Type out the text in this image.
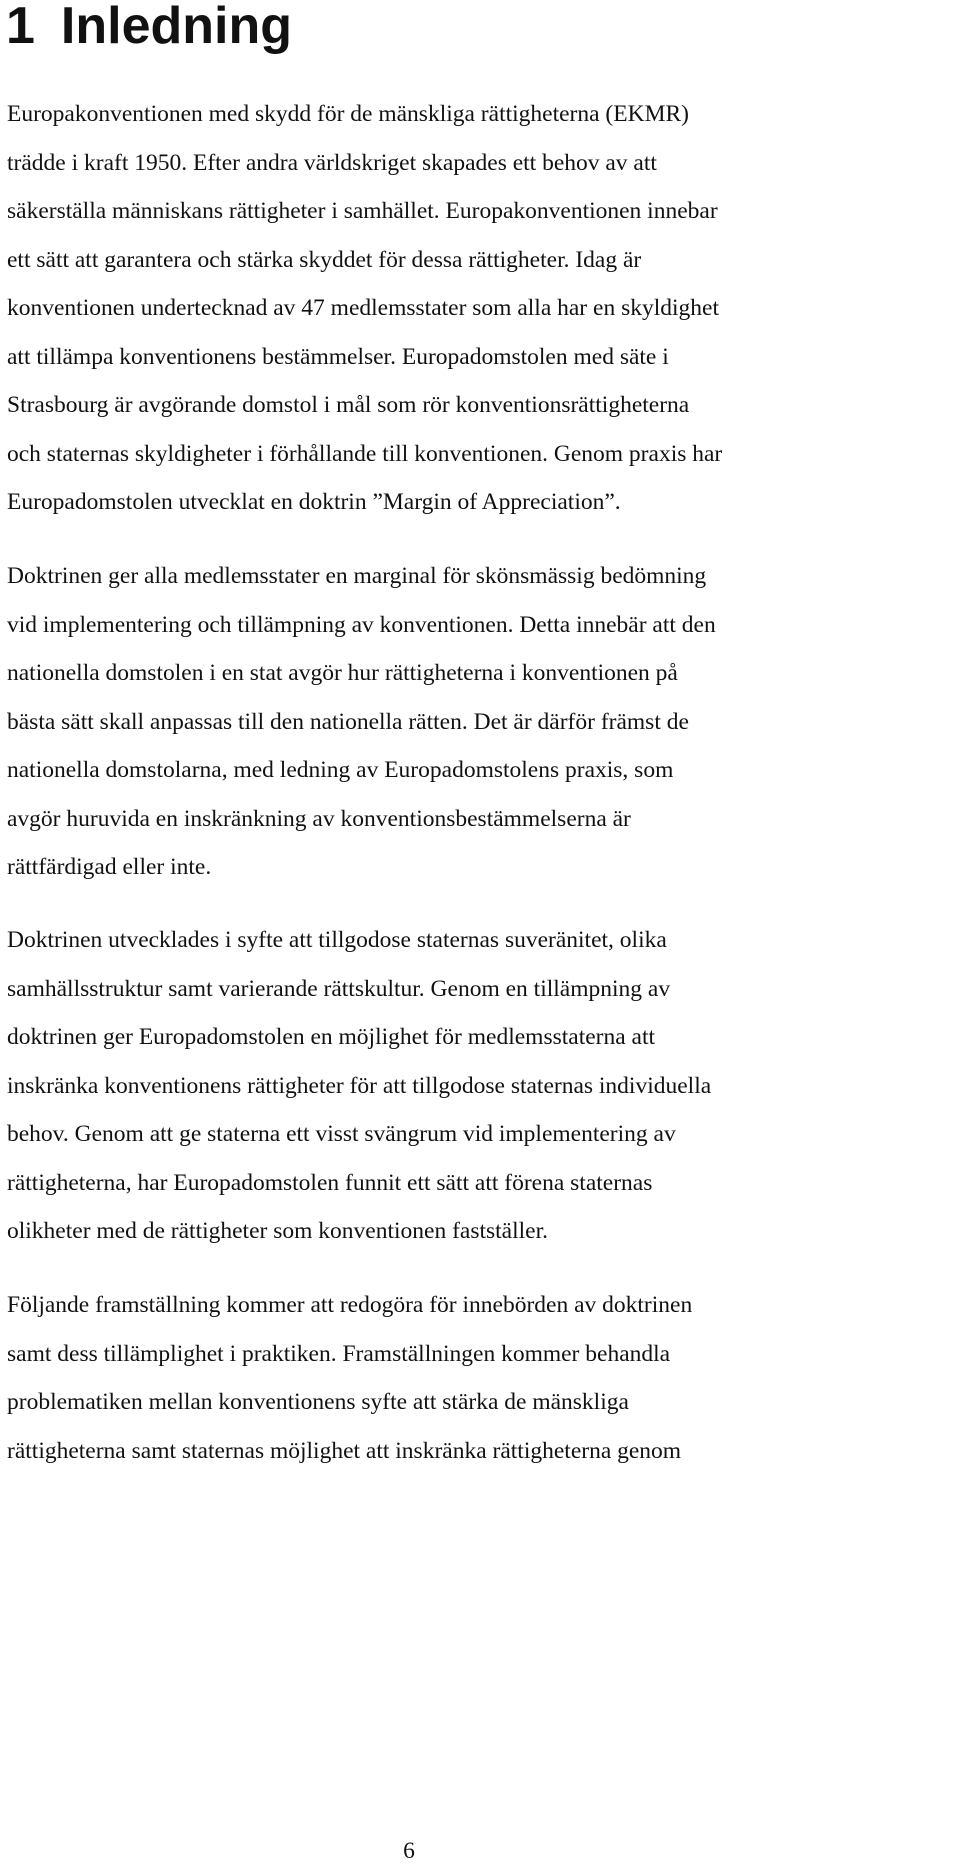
1 Inledning

Europakonventionen med skydd för de mänskliga rättigheterna (EKMR)
trädde i kraft 1950. Efter andra världskriget skapades ett behov av att
säkerställa människans rättigheter i samhället. Europakonventionen innebar
ett sätt att garantera och stärka skyddet för dessa rättigheter. Idag är
konventionen undertecknad av 47 medlemsstater som alla har en skyldighet
att tillämpa konventionens bestämmelser. Europadomstolen med säte i
Strasbourg är avgörande domstol i mål som rör konventionsrättigheterna
och staternas skyldigheter i förhållande till konventionen. Genom praxis har
Europadomstolen utvecklat en doktrin ”Margin of Appreciation”.

Doktrinen ger alla medlemsstater en marginal för skönsmässig bedömning
vid implementering och tillämpning av konventionen. Detta innebär att den
nationella domstolen i en stat avgör hur rättigheterna i konventionen på
bästa sätt skall anpassas till den nationella rätten. Det är därför främst de
nationella domstolarna, med ledning av Europadomstolens praxis, som
avgör huruvida en inskränkning av konventionsbestämmelserna är
rättfärdigad eller inte.

Doktrinen utvecklades i syfte att tillgodose staternas suveränitet, olika
samhällsstruktur samt varierande rättskultur. Genom en tillämpning av
doktrinen ger Europadomstolen en möjlighet för medlemsstaterna att
inskränka konventionens rättigheter för att tillgodose staternas individuella
behov. Genom att ge staterna ett visst svängrum vid implementering av
rättigheterna, har Europadomstolen funnit ett sätt att förena staternas
olikheter med de rättigheter som konventionen fastställer.

Följande framställning kommer att redogöra för innebörden av doktrinen
samt dess tillämplighet i praktiken. Framställningen kommer behandla
problematiken mellan konventionens syfte att stärka de mänskliga
rättigheterna samt staternas möjlighet att inskränka rättigheterna genom

6
